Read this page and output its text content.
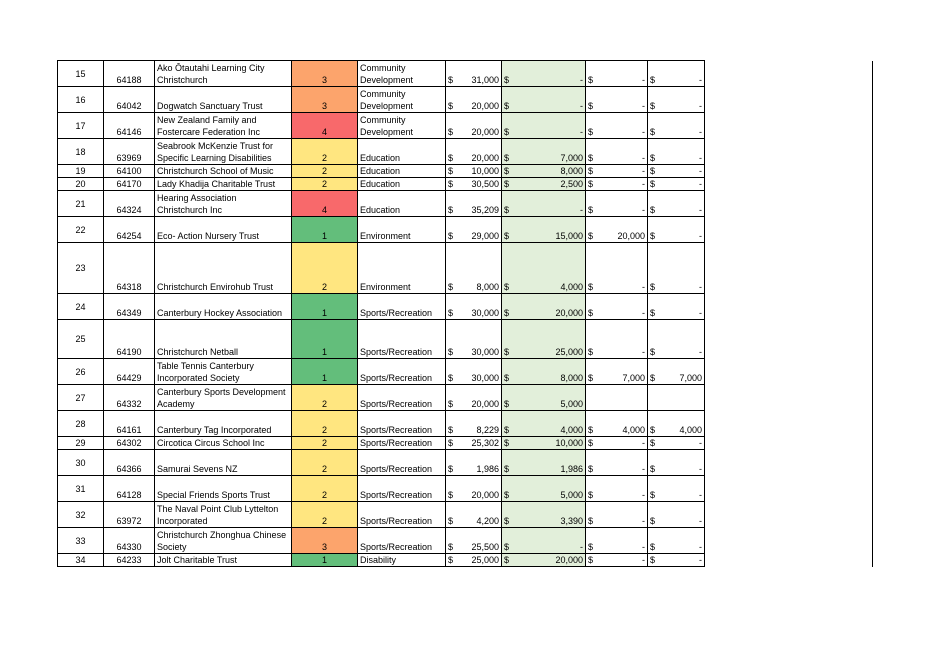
15	64188	Ako Ōtautahi Learning City Christchurch	3	Community Development	$ 31,000	$ -	$ -	$ -	

16	64042	Dogwatch Sanctuary Trust	3	Community Development	$ 20,000	$ -	$ -	$ -	

17	64146	New Zealand Family and Fostercare Federation Inc	4	Community Development	$ 20,000	$ -	$ -	$ -	

18	63969	Seabrook McKenzie Trust for Specific Learning Disabilities	2	Education	$ 20,000	$ 7,000	$ -	$ -	

19	64100	Christchurch School of Music	2	Education	$ 10,000	$ 8,000	$ -	$ -	

20	64170	Lady Khadija Charitable Trust	2	Education	$ 30,500	$ 2,500	$ -	$ -	

21	64324	Hearing Association Christchurch Inc	4	Education	$ 35,209	$ -	$ -	$ -	

22	64254	Eco- Action Nursery Trust	1	Environment	$ 29,000	$ 15,000	$ 20,000	$ -	

23	64318	Christchurch Envirohub Trust	2	Environment	$ 8,000	$ 4,000	$ -	$ -	

24	64349	Canterbury Hockey Association	1	Sports/Recreation	$ 30,000	$ 20,000	$ -	$ -	

25	64190	Christchurch Netball	1	Sports/Recreation	$ 30,000	$ 25,000	$ -	$ -	

26	64429	Table Tennis Canterbury Incorporated Society	1	Sports/Recreation	$ 30,000	$ 8,000	$ 7,000	$ 7,000	

27	64332	Canterbury Sports Development Academy	2	Sports/Recreation	$ 20,000	$ 5,000			

28	64161	Canterbury Tag Incorporated	2	Sports/Recreation	$ 8,229	$ 4,000	$ 4,000	$ 4,000	

29	64302	Circotica Circus School Inc	2	Sports/Recreation	$ 25,302	$ 10,000	$ -	$ -	

30	64366	Samurai Sevens NZ	2	Sports/Recreation	$ 1,986	$ 1,986	$ -	$ -	

31	64128	Special Friends Sports Trust	2	Sports/Recreation	$ 20,000	$ 5,000	$ -	$ -	

32	63972	The Naval Point Club Lyttelton Incorporated	2	Sports/Recreation	$ 4,200	$ 3,390	$ -	$ -	

33	64330	Christchurch Zhonghua Chinese Society	3	Sports/Recreation	$ 25,500	$ -	$ -	$ -	

34	64233	Jolt Charitable Trust	1	Disability	$ 25,000	$ 20,000	$ -	$ -	
